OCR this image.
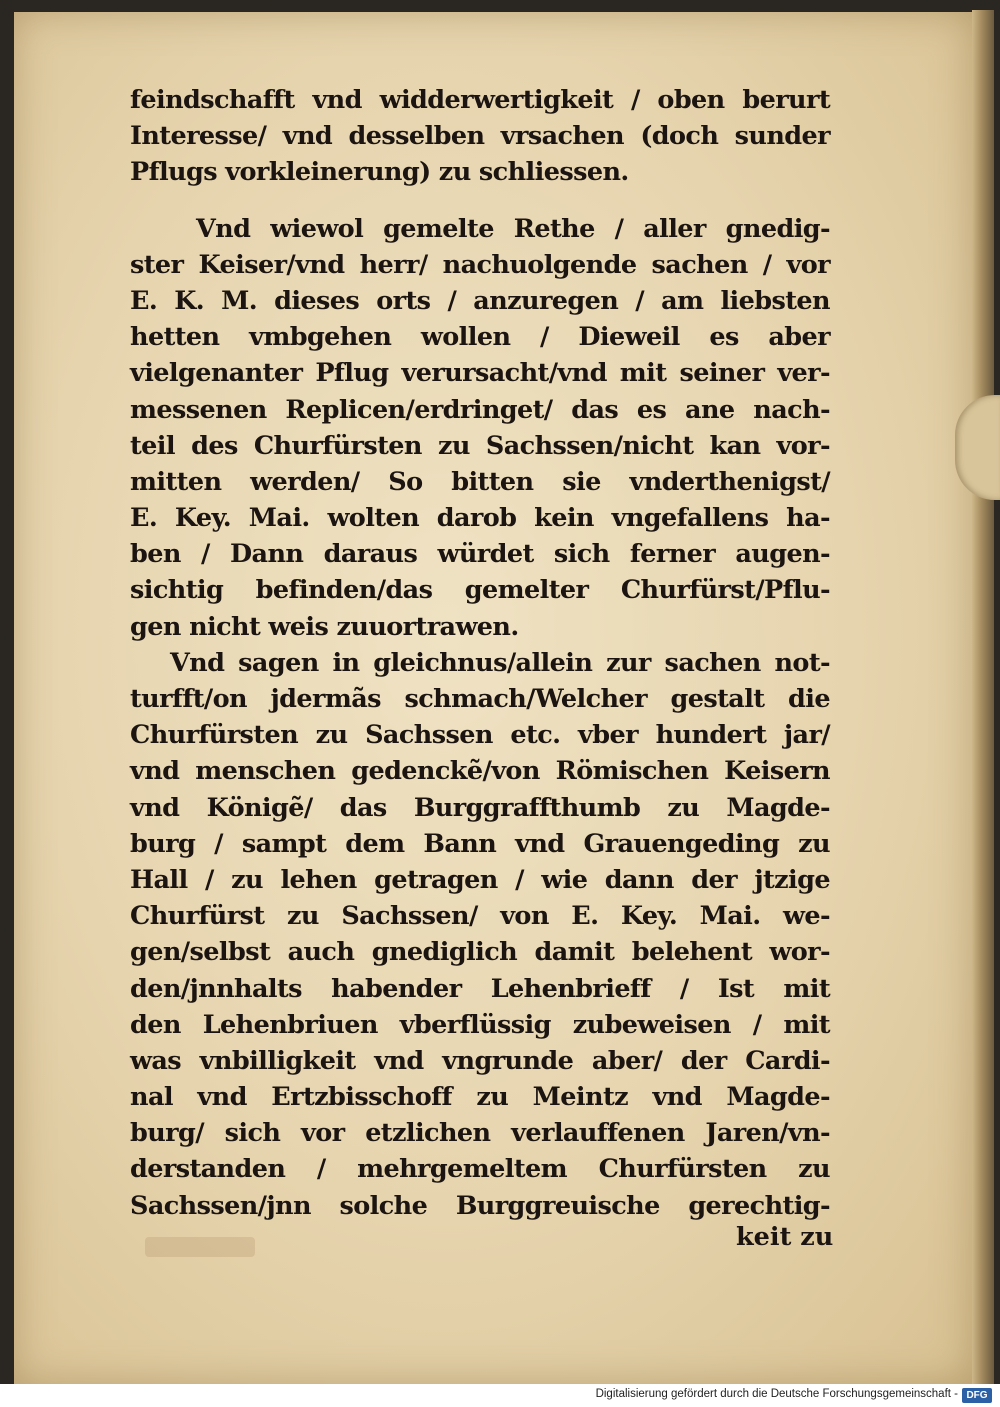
feindschafft vnd widderwertigkeit / oben berurt
Interesse/ vnd desselben vrsachen (doch sunder
Pflugs vorkleinerung) zu schliessen.
Vnd wiewol gemelte Rethe / aller gnedig-
ster Keiser/vnd herr/ nachuolgende sachen / vor
E. K. M. dieses orts / anzuregen / am liebsten
hetten vmbgehen wollen / Dieweil es aber
vielgenanter Pflug verursacht/vnd mit seiner ver-
messenen Replicen/erdringet/ das es ane nach-
teil des Churfürsten zu Sachssen/nicht kan vor-
mitten werden/ So bitten sie vnderthenigst/
E. Key. Mai. wolten darob kein vngefallens ha-
ben / Dann daraus würdet sich ferner augen-
sichtig befinden/das gemelter Churfürst/Pflu-
gen nicht weis zuuortrawen.
Vnd sagen in gleichnus/allein zur sachen not-
turfft/on jdermãs schmach/Welcher gestalt die
Churfürsten zu Sachssen etc. vber hundert jar/
vnd menschen gedenckẽ/von Römischen Keisern
vnd Königẽ/ das Burggraffthumb zu Magde-
burg / sampt dem Bann vnd Grauengeding zu
Hall / zu lehen getragen / wie dann der jtzige
Churfürst zu Sachssen/ von E. Key. Mai. we-
gen/selbst auch gnediglich damit belehent wor-
den/jnnhalts habender Lehenbrieff / Ist mit
den Lehenbriuen vberflüssig zubeweisen / mit
was vnbilligkeit vnd vngrunde aber/ der Cardi-
nal vnd Ertzbisschoff zu Meintz vnd Magde-
burg/ sich vor etzlichen verlauffenen Jaren/vn-
derstanden / mehrgemeltem Churfürsten zu
Sachssen/jnn solche Burggreuische gerechtig-
keit zu
Digitalisierung gefördert durch die Deutsche Forschungsgemeinschaft - DFG
